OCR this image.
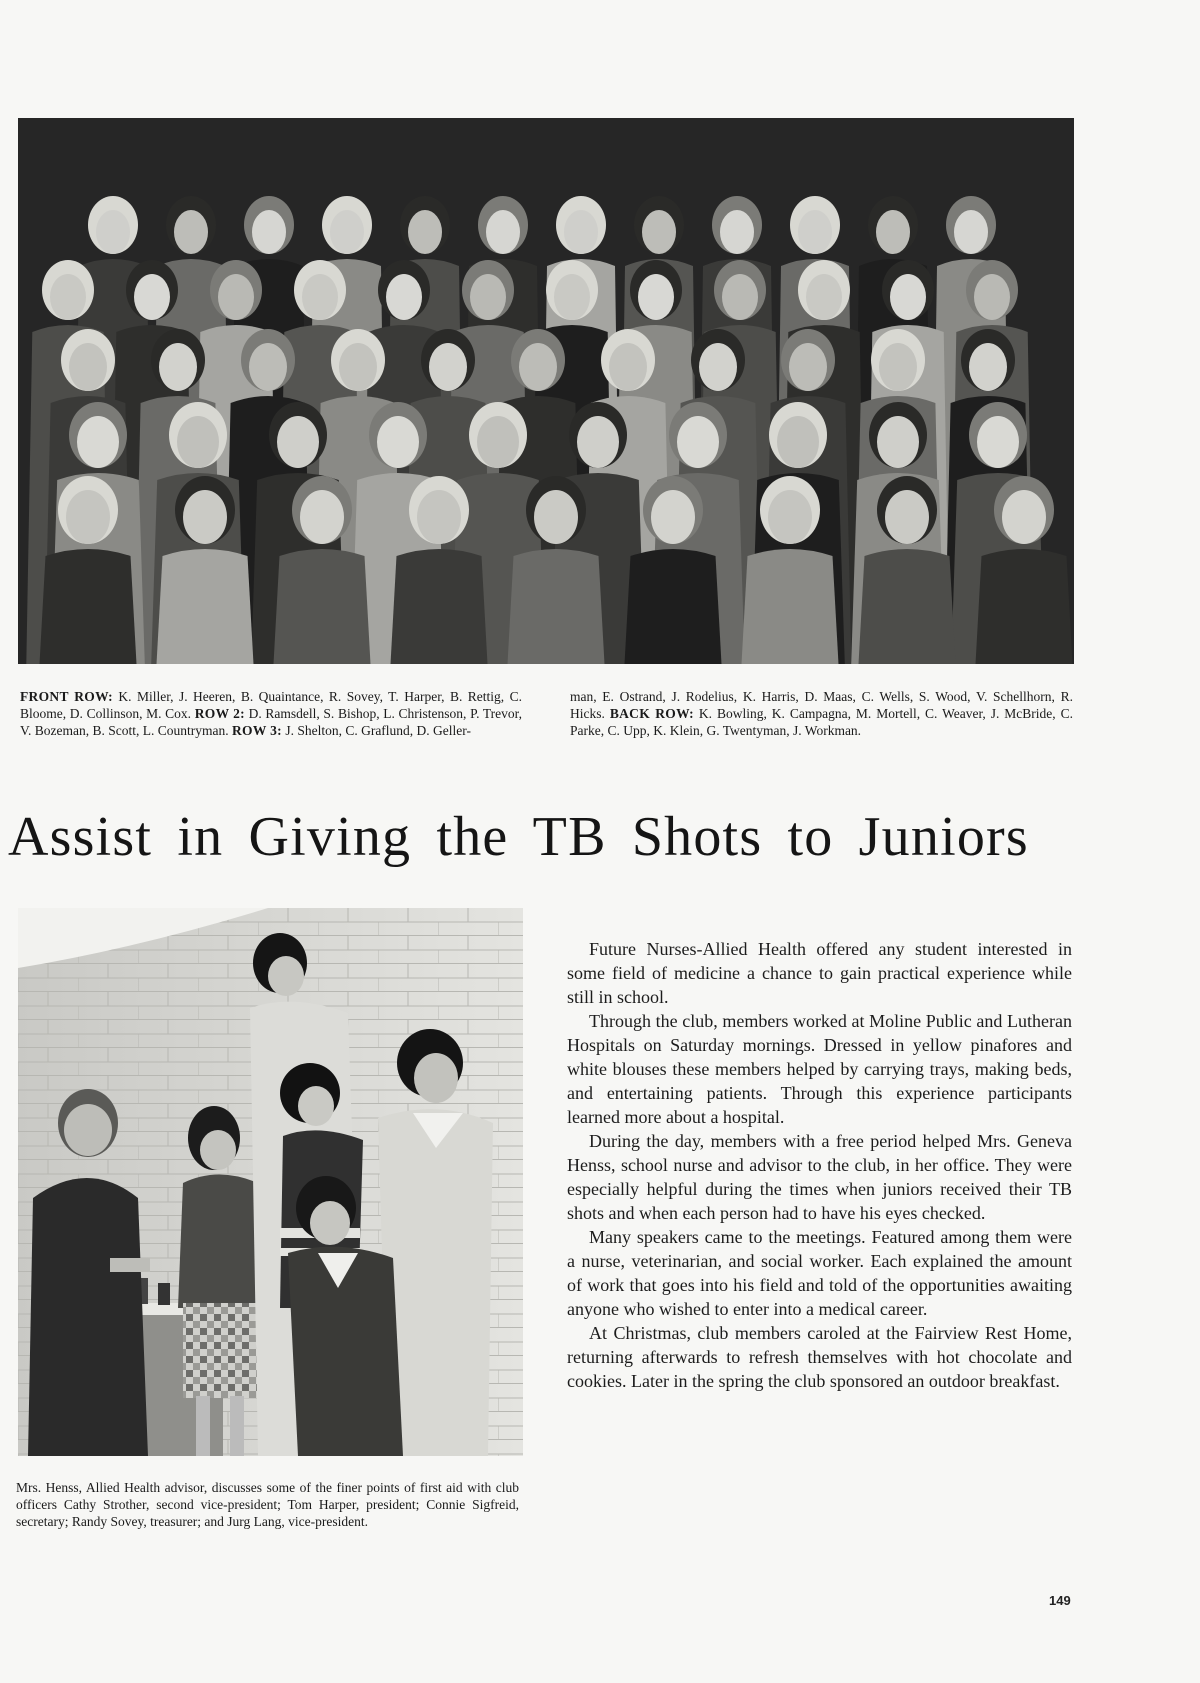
FRONT ROW: K. Miller, J. Heeren, B. Quaintance, R. Sovey, T. Harper, B. Rettig, C. Bloome, D. Collinson, M. Cox. ROW 2: D. Ramsdell, S. Bishop, L. Christenson, P. Trevor, V. Bozeman, B. Scott, L. Countryman. ROW 3: J. Shelton, C. Graflund, D. Geller-
man, E. Ostrand, J. Rodelius, K. Harris, D. Maas, C. Wells, S. Wood, V. Schellhorn, R. Hicks. BACK ROW: K. Bowling, K. Campagna, M. Mortell, C. Weaver, J. McBride, C. Parke, C. Upp, K. Klein, G. Twentyman, J. Workman.
Assist in Giving the TB Shots to Juniors
Mrs. Henss, Allied Health advisor, discusses some of the finer points of first aid with club officers Cathy Strother, second vice-president; Tom Harper, president; Connie Sigfreid, secretary; Randy Sovey, treasurer; and Jurg Lang, vice-president.

Future Nurses-Allied Health offered any student interested in some field of medicine a chance to gain practical experience while still in school.

Through the club, members worked at Moline Public and Lutheran Hospitals on Saturday mornings. Dressed in yellow pinafores and white blouses these members helped by carrying trays, making beds, and entertaining patients. Through this experience participants learned more about a hospital.

During the day, members with a free period helped Mrs. Geneva Henss, school nurse and advisor to the club, in her office. They were especially helpful during the times when juniors received their TB shots and when each person had to have his eyes checked.

Many speakers came to the meetings. Featured among them were a nurse, veterinarian, and social worker. Each explained the amount of work that goes into his field and told of the opportunities awaiting anyone who wished to enter into a medical career.

At Christmas, club members caroled at the Fairview Rest Home, returning afterwards to refresh themselves with hot chocolate and cookies. Later in the spring the club sponsored an outdoor breakfast.

149
